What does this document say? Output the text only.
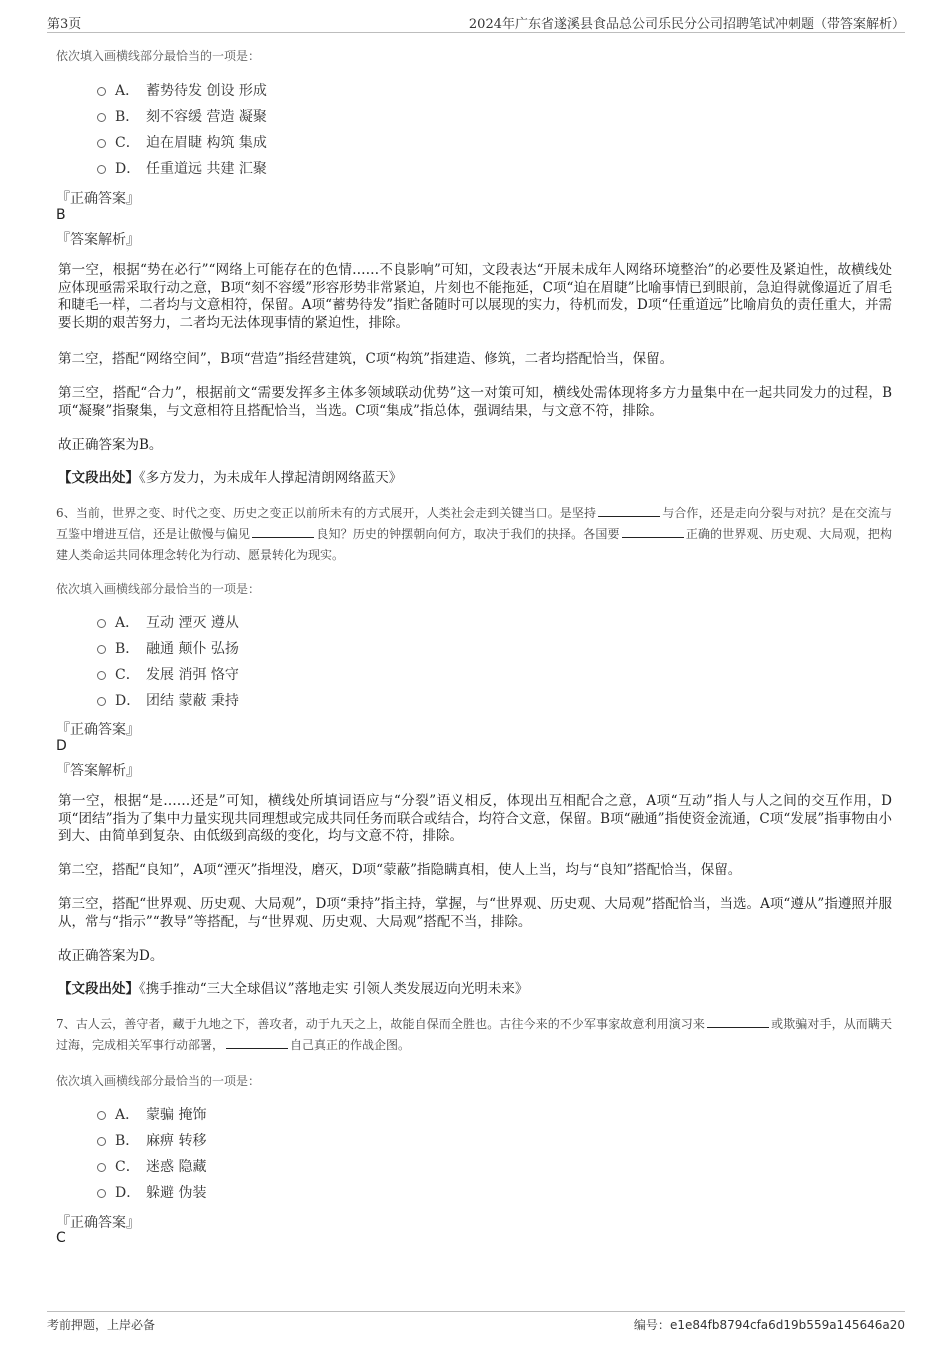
第3页	2024年广东省遂溪县食品总公司乐民分公司招聘笔试冲刺题（带答案解析）
依次填入画横线部分最恰当的一项是：
A． 蓄势待发 创设 形成
B． 刻不容缓 营造 凝聚
C． 迫在眉睫 构筑 集成
D． 任重道远 共建 汇聚
『正确答案』
B
『答案解析』
第一空，根据“势在必行”“网络上可能存在的色情……不良影响”可知，文段表达“开展未成年人网络环境整治”的必要性及紧迫性，故横线处应体现亟需采取行动之意，B项“刻不容缓”形容形势非常紧迫，片刻也不能拖延，C项“迫在眉睫”比喻事情已到眼前，急迫得就像逼近了眉毛和睫毛一样，二者均与文意相符，保留。A项“蓄势待发”指贮备随时可以展现的实力，待机而发，D项“任重道远”比喻肩负的责任重大，并需要长期的艰苦努力，二者均无法体现事情的紧迫性，排除。
第二空，搭配“网络空间”，B项“营造”指经营建筑，C项“构筑”指建造、修筑，二者均搭配恰当，保留。
第三空，搭配“合力”，根据前文“需要发挥多主体多领域联动优势”这一对策可知，横线处需体现将多方力量集中在一起共同发力的过程，B项“凝聚”指聚集，与文意相符且搭配恰当，当选。C项“集成”指总体，强调结果，与文意不符，排除。
故正确答案为B。
【文段出处】《多方发力，为未成年人撑起清朗网络蓝天》
6、当前，世界之变、时代之变、历史之变正以前所未有的方式展开，人类社会走到关键当口。是坚持	与合作，还是走向分裂与对抗？是在交流与互鉴中增进互信，还是让傲慢与偏见	良知？历史的钟摆朝向何方，取决于我们的抉择。各国要	正确的世界观、历史观、大局观，把构建人类命运共同体理念转化为行动、愿景转化为现实。
依次填入画横线部分最恰当的一项是：
A． 互动 湮灭 遵从
B． 融通 颠仆 弘扬
C． 发展 消弭 恪守
D． 团结 蒙蔽 秉持
『正确答案』
D
『答案解析』
第一空，根据“是……还是”可知，横线处所填词语应与“分裂”语义相反，体现出互相配合之意，A项“互动”指人与人之间的交互作用，D项“团结”指为了集中力量实现共同理想或完成共同任务而联合或结合，均符合文意，保留。B项“融通”指使资金流通，C项“发展”指事物由小到大、由简单到复杂、由低级到高级的变化，均与文意不符，排除。
第二空，搭配“良知”，A项“湮灭”指埋没，磨灭，D项“蒙蔽”指隐瞒真相，使人上当，均与“良知”搭配恰当，保留。
第三空，搭配“世界观、历史观、大局观”，D项“秉持”指主持，掌握，与“世界观、历史观、大局观”搭配恰当，当选。A项“遵从”指遵照并服从，常与“指示”“教导”等搭配，与“世界观、历史观、大局观”搭配不当，排除。
故正确答案为D。
【文段出处】《携手推动“三大全球倡议”落地走实 引领人类发展迈向光明未来》
7、古人云，善守者，藏于九地之下，善攻者，动于九天之上，故能自保而全胜也。古往今来的不少军事家故意利用演习来	或欺骗对手，从而瞒天过海，完成相关军事行动部署，	自己真正的作战企图。
依次填入画横线部分最恰当的一项是：
A． 蒙骗 掩饰
B． 麻痹 转移
C． 迷惑 隐藏
D． 躲避 伪装
『正确答案』
C
考前押题，上岸必备	编号：e1e84fb8794cfa6d19b559a145646a20
